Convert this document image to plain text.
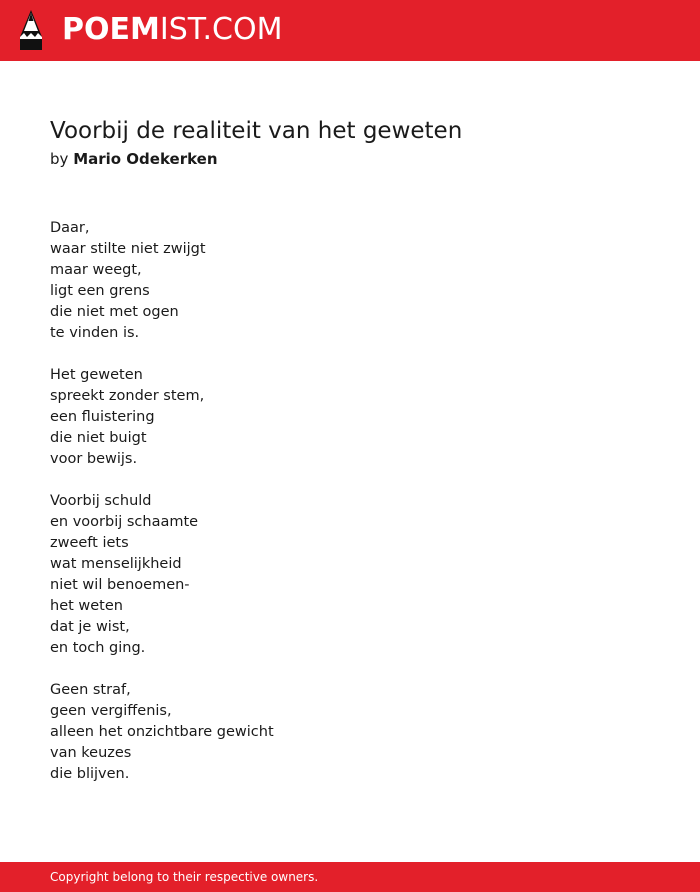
POEMIST.COM
Voorbij de realiteit van het geweten
by Mario Odekerken
Daar,
waar stilte niet zwijgt
maar weegt,
ligt een grens
die niet met ogen
te vinden is.
Het geweten
spreekt zonder stem,
een fluistering
die niet buigt
voor bewijs.
Voorbij schuld
en voorbij schaamte
zweeft iets
wat menselijkheid
niet wil benoemen-
het weten
dat je wist,
en toch ging.
Geen straf,
geen vergiffenis,
alleen het onzichtbare gewicht
van keuzes
die blijven.
Copyright belong to their respective owners.
